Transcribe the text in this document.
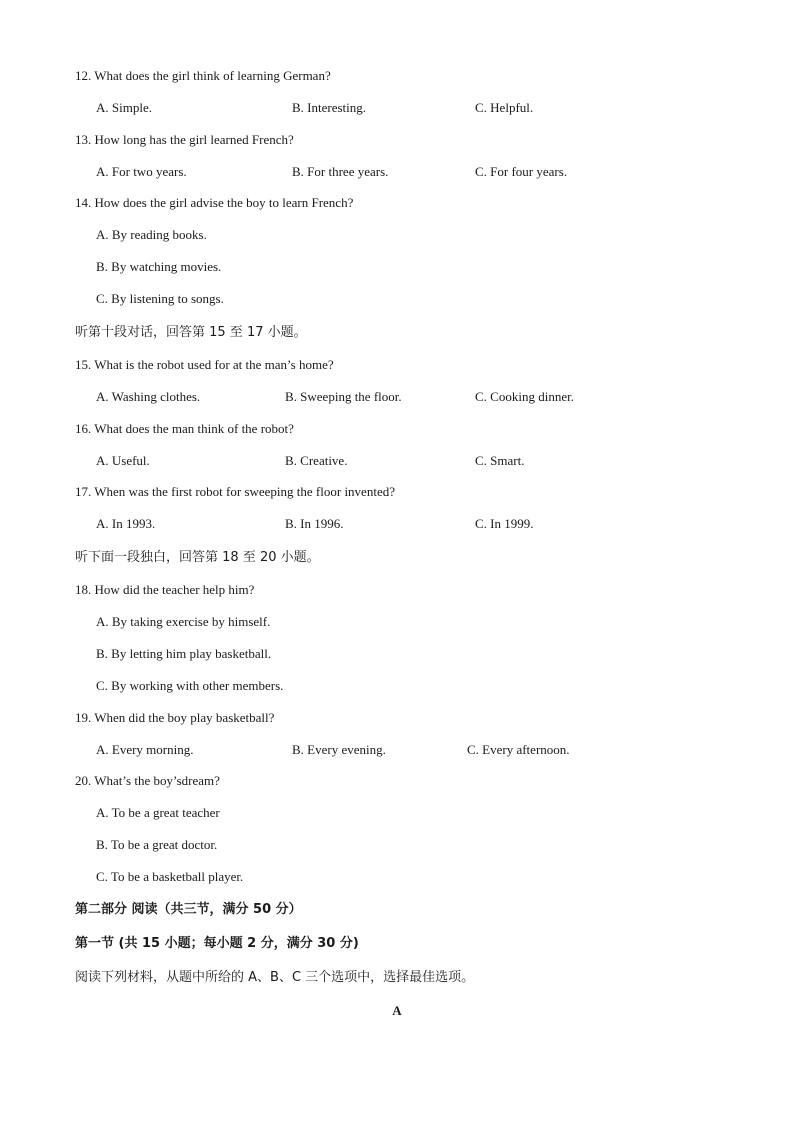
12. What does the girl think of learning German?
A. Simple.	B. Interesting.	C. Helpful.
13. How long has the girl learned French?
A. For two years.	B. For three years.	C. For four years.
14. How does the girl advise the boy to learn French?
A. By reading books.
B. By watching movies.
C. By listening to songs.
听第十段对话，回答第 15 至 17 小题。
15. What is the robot used for at the man’s home?
A. Washing clothes.	B. Sweeping the floor.	C. Cooking dinner.
16. What does the man think of the robot?
A. Useful.	B. Creative.	C. Smart.
17. When was the first robot for sweeping the floor invented?
A. In 1993.	B. In 1996.	C. In 1999.
听下面一段独白，回答第 18 至 20 小题。
18. How did the teacher help him?
A. By taking exercise by himself.
B. By letting him play basketball.
C. By working with other members.
19. When did the boy play basketball?
A. Every morning.	B. Every evening.	C. Every afternoon.
20. What’s the boy’sdream?
A. To be a great teacher
B. To be a great doctor.
C. To be a basketball player.
第二部分 阅读（共三节，满分 50 分）
第一节 (共 15 小题；每小题 2 分，满分 30 分)
阅读下列材料，从题中所给的 A、B、C 三个选项中，选择最佳选项。
A
